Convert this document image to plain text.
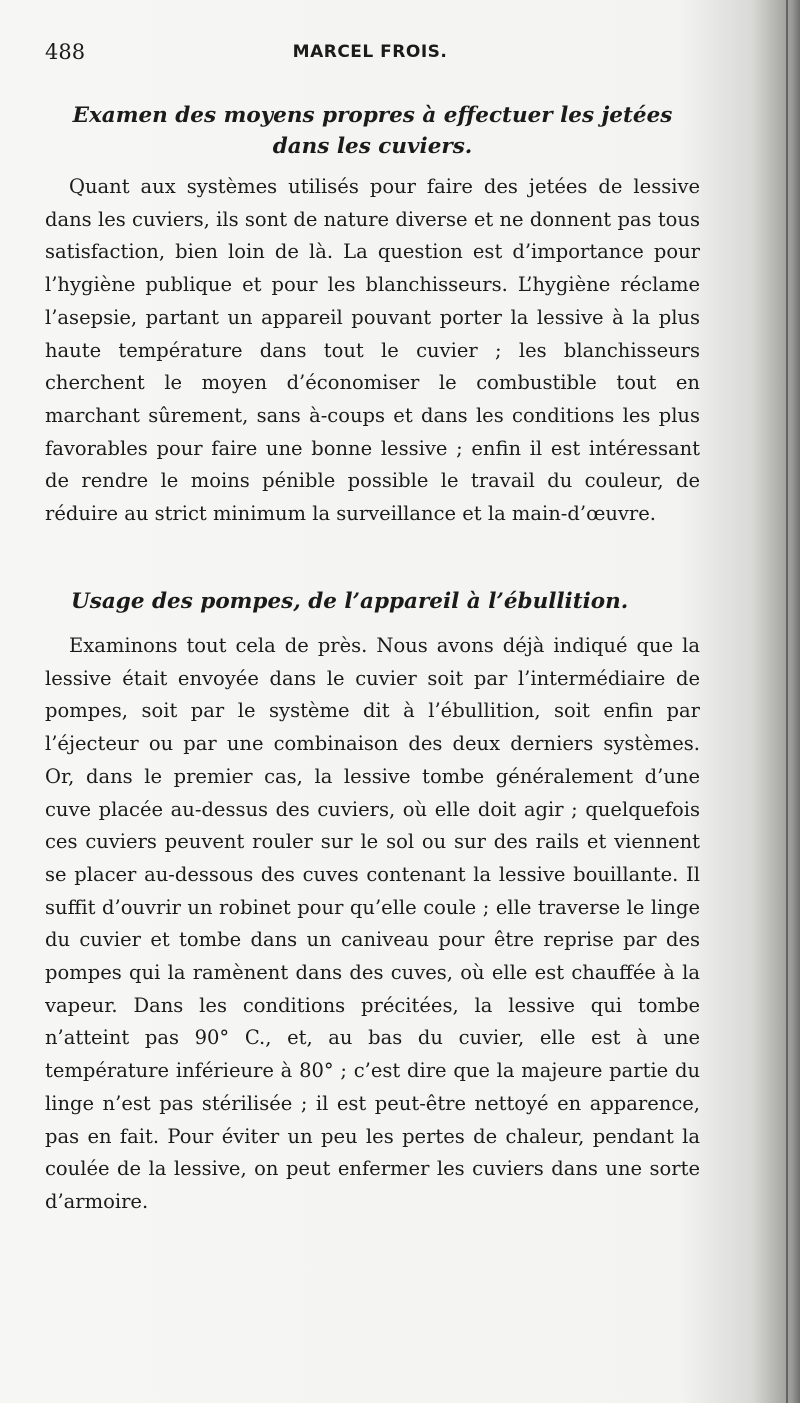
488	MARCEL FROIS.
Examen des moyens propres à effectuer les jetées dans les cuviers.
Quant aux systèmes utilisés pour faire des jetées de lessive dans les cuviers, ils sont de nature diverse et ne donnent pas tous satisfaction, bien loin de là. La question est d’importance pour l’hygiène publique et pour les blanchisseurs. L’hygiène réclame l’asepsie, partant un appareil pouvant porter la lessive à la plus haute température dans tout le cuvier ; les blanchisseurs cherchent le moyen d’économiser le combustible tout en marchant sûrement, sans à-coups et dans les conditions les plus favorables pour faire une bonne lessive ; enfin il est intéressant de rendre le moins pénible possible le travail du couleur, de réduire au strict minimum la surveillance et la main-d’œuvre.
Usage des pompes, de l’appareil à l’ébullition.
Examinons tout cela de près. Nous avons déjà indiqué que la lessive était envoyée dans le cuvier soit par l’intermédiaire de pompes, soit par le système dit à l’ébullition, soit enfin par l’éjecteur ou par une combinaison des deux derniers systèmes. Or, dans le premier cas, la lessive tombe généralement d’une cuve placée au-dessus des cuviers, où elle doit agir ; quelquefois ces cuviers peuvent rouler sur le sol ou sur des rails et viennent se placer au-dessous des cuves contenant la lessive bouillante. Il suffit d’ouvrir un robinet pour qu’elle coule ; elle traverse le linge du cuvier et tombe dans un caniveau pour être reprise par des pompes qui la ramènent dans des cuves, où elle est chauffée à la vapeur. Dans les conditions précitées, la lessive qui tombe n’atteint pas 90° C., et, au bas du cuvier, elle est à une température inférieure à 80° ; c’est dire que la majeure partie du linge n’est pas stérilisée ; il est peut-être nettoyé en apparence, pas en fait. Pour éviter un peu les pertes de chaleur, pendant la coulée de la lessive, on peut enfermer les cuviers dans une sorte d’armoire.
